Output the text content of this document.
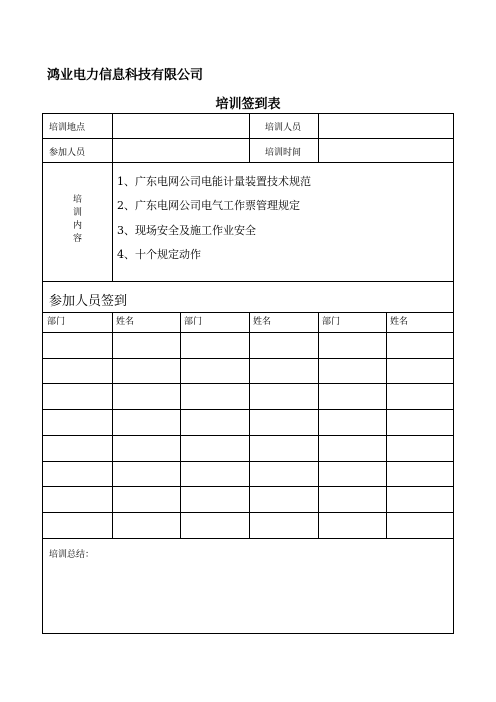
鸿业电力信息科技有限公司
培训签到表
培训地点	培训人员
参加人员	培训时间
培
训
内
容
1、广东电网公司电能计量装置技术规范
2、广东电网公司电气工作票管理规定
3、现场安全及施工作业安全
4、十个规定动作
参加人员签到
部门	姓名	部门	姓名	部门	姓名
培训总结：
